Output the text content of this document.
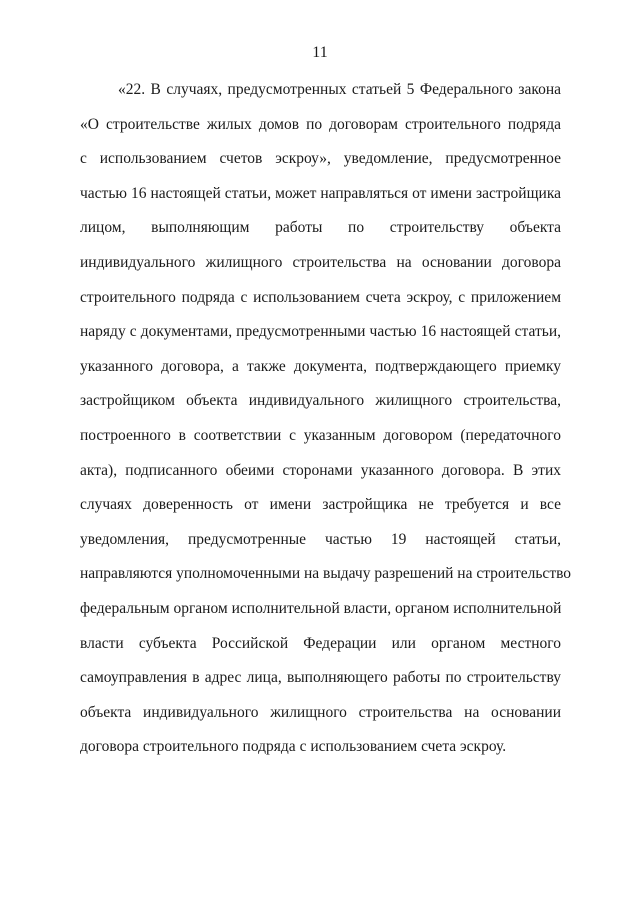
11
«22. В случаях, предусмотренных статьей 5 Федерального закона
«О строительстве жилых домов по договорам строительного подряда
с использованием счетов эскроу», уведомление, предусмотренное
частью 16 настоящей статьи, может направляться от имени застройщика
лицом, выполняющим работы по строительству объекта
индивидуального жилищного строительства на основании договора
строительного подряда с использованием счета эскроу, с приложением
наряду с документами, предусмотренными частью 16 настоящей статьи,
указанного договора, а также документа, подтверждающего приемку
застройщиком объекта индивидуального жилищного строительства,
построенного в соответствии с указанным договором (передаточного
акта), подписанного обеими сторонами указанного договора. В этих
случаях доверенность от имени застройщика не требуется и все
уведомления, предусмотренные частью 19 настоящей статьи,
направляются уполномоченными на выдачу разрешений на строительство
федеральным органом исполнительной власти, органом исполнительной
власти субъекта Российской Федерации или органом местного
самоуправления в адрес лица, выполняющего работы по строительству
объекта индивидуального жилищного строительства на основании
договора строительного подряда с использованием счета эскроу.
